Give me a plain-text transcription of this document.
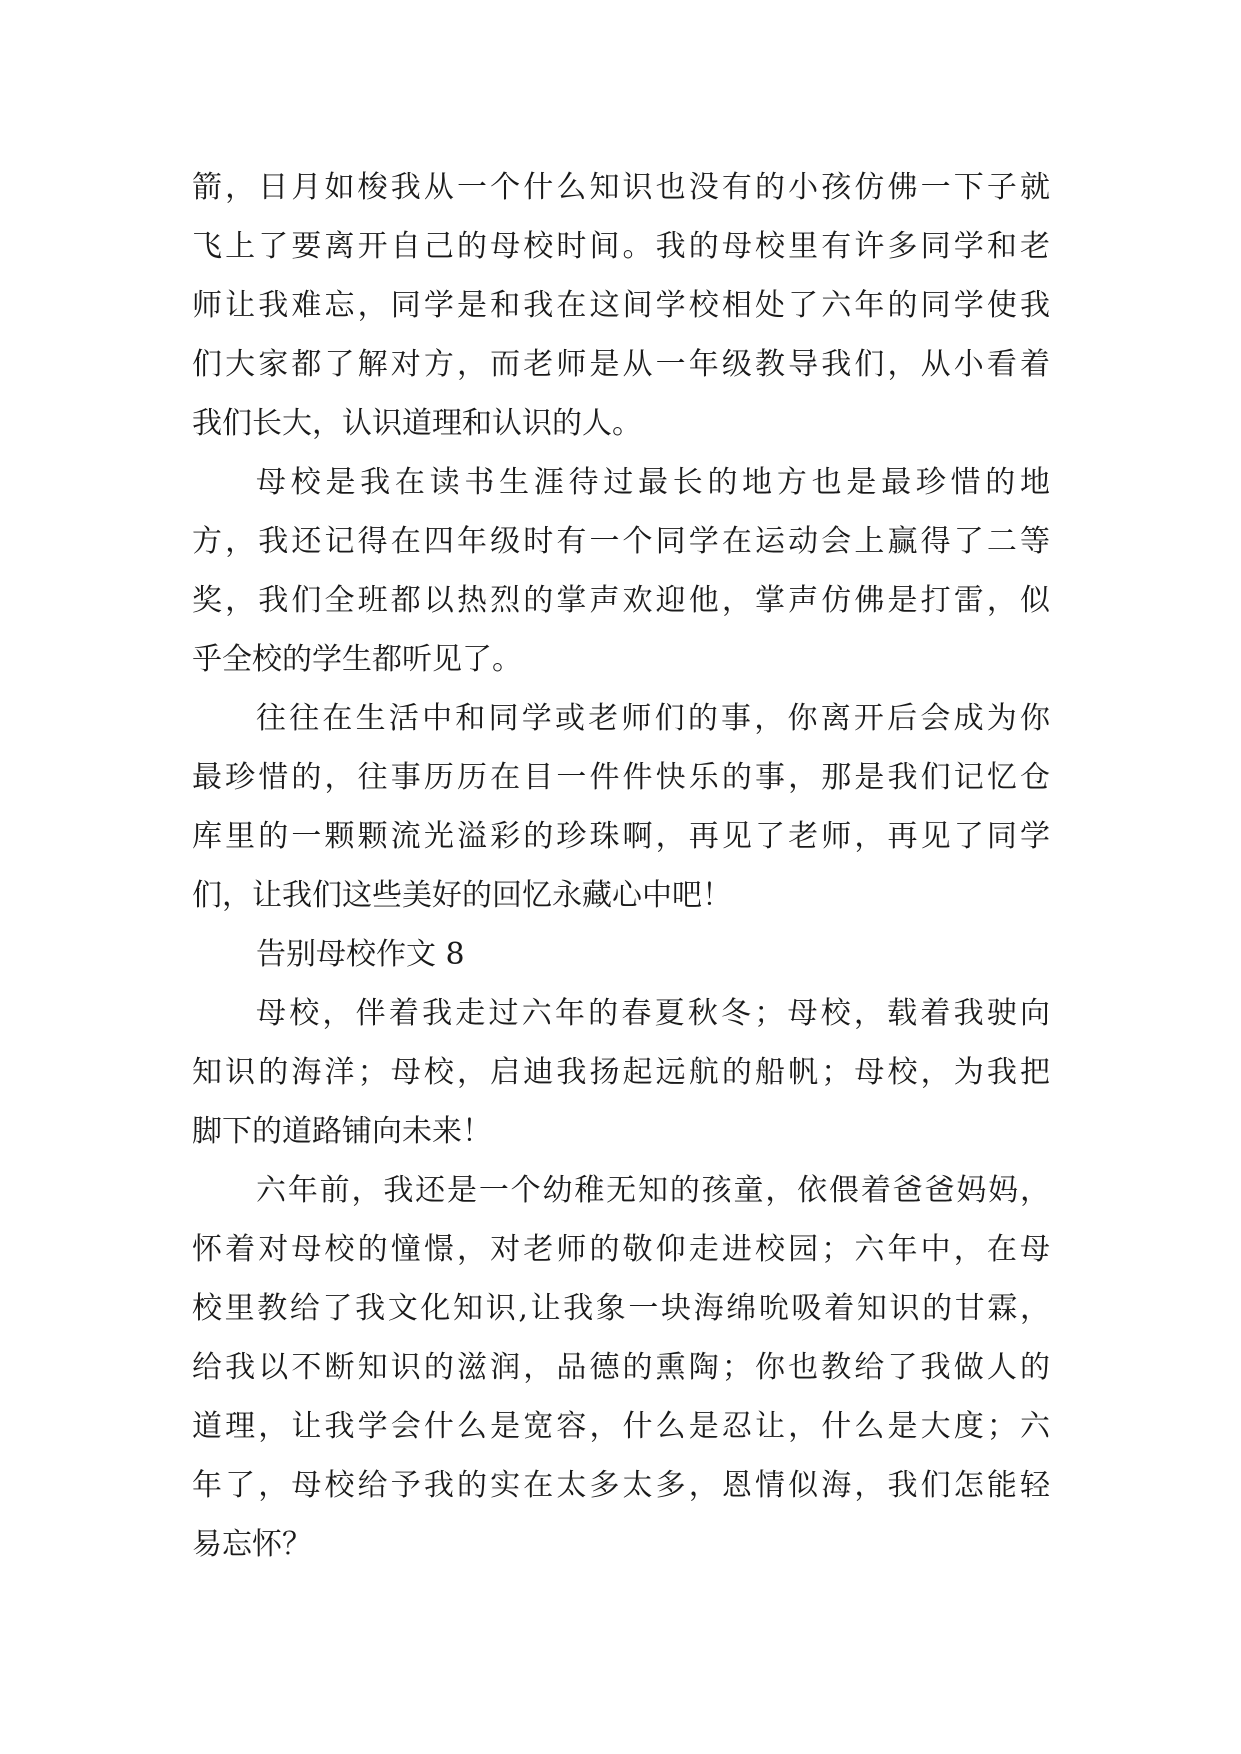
箭，日月如梭我从一个什么知识也没有的小孩仿佛一下子就
飞上了要离开自己的母校时间。我的母校里有许多同学和老
师让我难忘，同学是和我在这间学校相处了六年的同学使我
们大家都了解对方，而老师是从一年级教导我们，从小看着
我们长大，认识道理和认识的人。
母校是我在读书生涯待过最长的地方也是最珍惜的地
方，我还记得在四年级时有一个同学在运动会上赢得了二等
奖，我们全班都以热烈的掌声欢迎他，掌声仿佛是打雷，似
乎全校的学生都听见了。
往往在生活中和同学或老师们的事，你离开后会成为你
最珍惜的，往事历历在目一件件快乐的事，那是我们记忆仓
库里的一颗颗流光溢彩的珍珠啊，再见了老师，再见了同学
们，让我们这些美好的回忆永藏心中吧！
告别母校作文 8
母校，伴着我走过六年的春夏秋冬；母校，载着我驶向
知识的海洋；母校，启迪我扬起远航的船帆；母校，为我把
脚下的道路铺向未来！
六年前，我还是一个幼稚无知的孩童，依偎着爸爸妈妈，
怀着对母校的憧憬，对老师的敬仰走进校园；六年中，在母
校里教给了我文化知识,让我象一块海绵吮吸着知识的甘霖，
给我以不断知识的滋润，品德的熏陶；你也教给了我做人的
道理，让我学会什么是宽容，什么是忍让，什么是大度；六
年了，母校给予我的实在太多太多，恩情似海，我们怎能轻
易忘怀？
